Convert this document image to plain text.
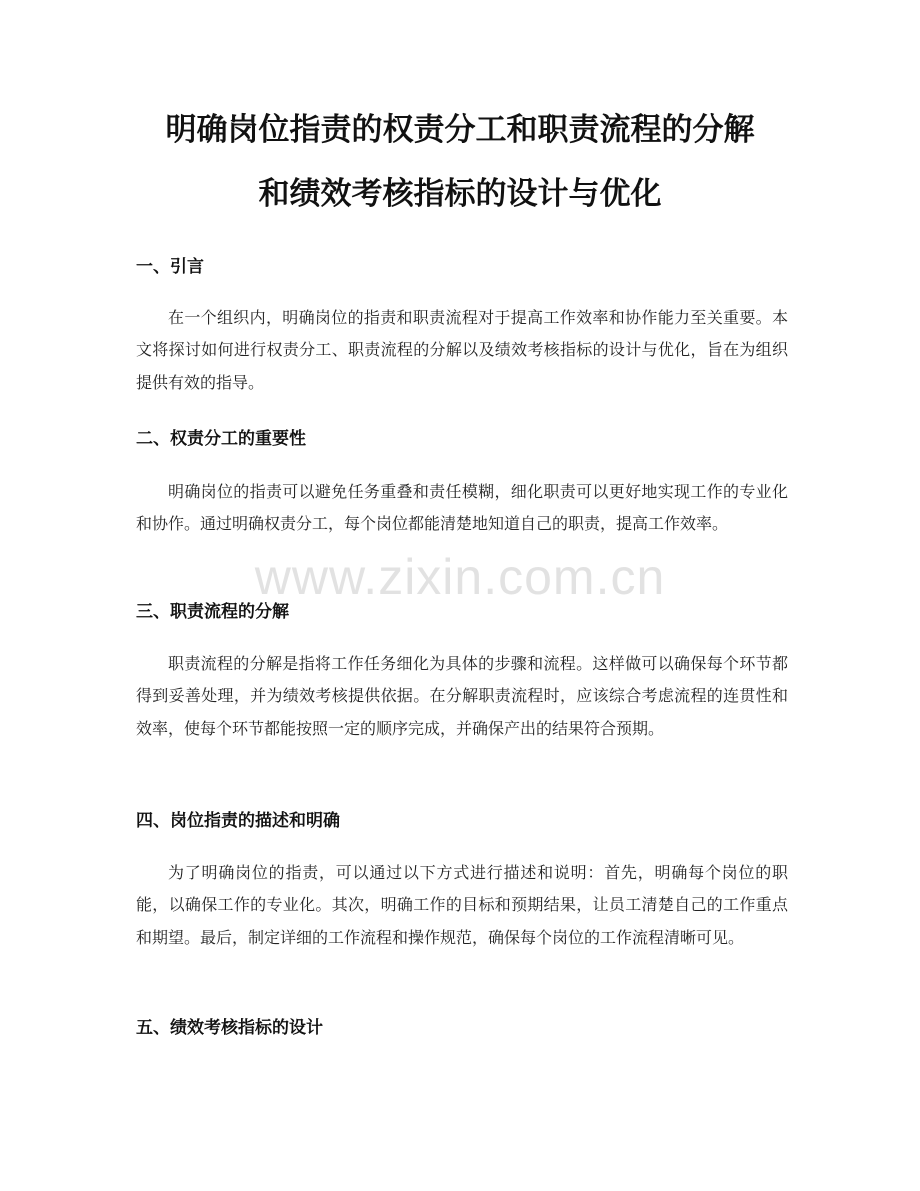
明确岗位指责的权责分工和职责流程的分解
和绩效考核指标的设计与优化
一、引言

在一个组织内，明确岗位的指责和职责流程对于提高工作效率和协作能力至关重要。本文将探讨如何进行权责分工、职责流程的分解以及绩效考核指标的设计与优化，旨在为组织提供有效的指导。

二、权责分工的重要性

明确岗位的指责可以避免任务重叠和责任模糊，细化职责可以更好地实现工作的专业化和协作。通过明确权责分工，每个岗位都能清楚地知道自己的职责，提高工作效率。

三、职责流程的分解

职责流程的分解是指将工作任务细化为具体的步骤和流程。这样做可以确保每个环节都得到妥善处理，并为绩效考核提供依据。在分解职责流程时，应该综合考虑流程的连贯性和效率，使每个环节都能按照一定的顺序完成，并确保产出的结果符合预期。

四、岗位指责的描述和明确

为了明确岗位的指责，可以通过以下方式进行描述和说明：首先，明确每个岗位的职能，以确保工作的专业化。其次，明确工作的目标和预期结果，让员工清楚自己的工作重点和期望。最后，制定详细的工作流程和操作规范，确保每个岗位的工作流程清晰可见。

五、绩效考核指标的设计
www.zixin.com.cn
